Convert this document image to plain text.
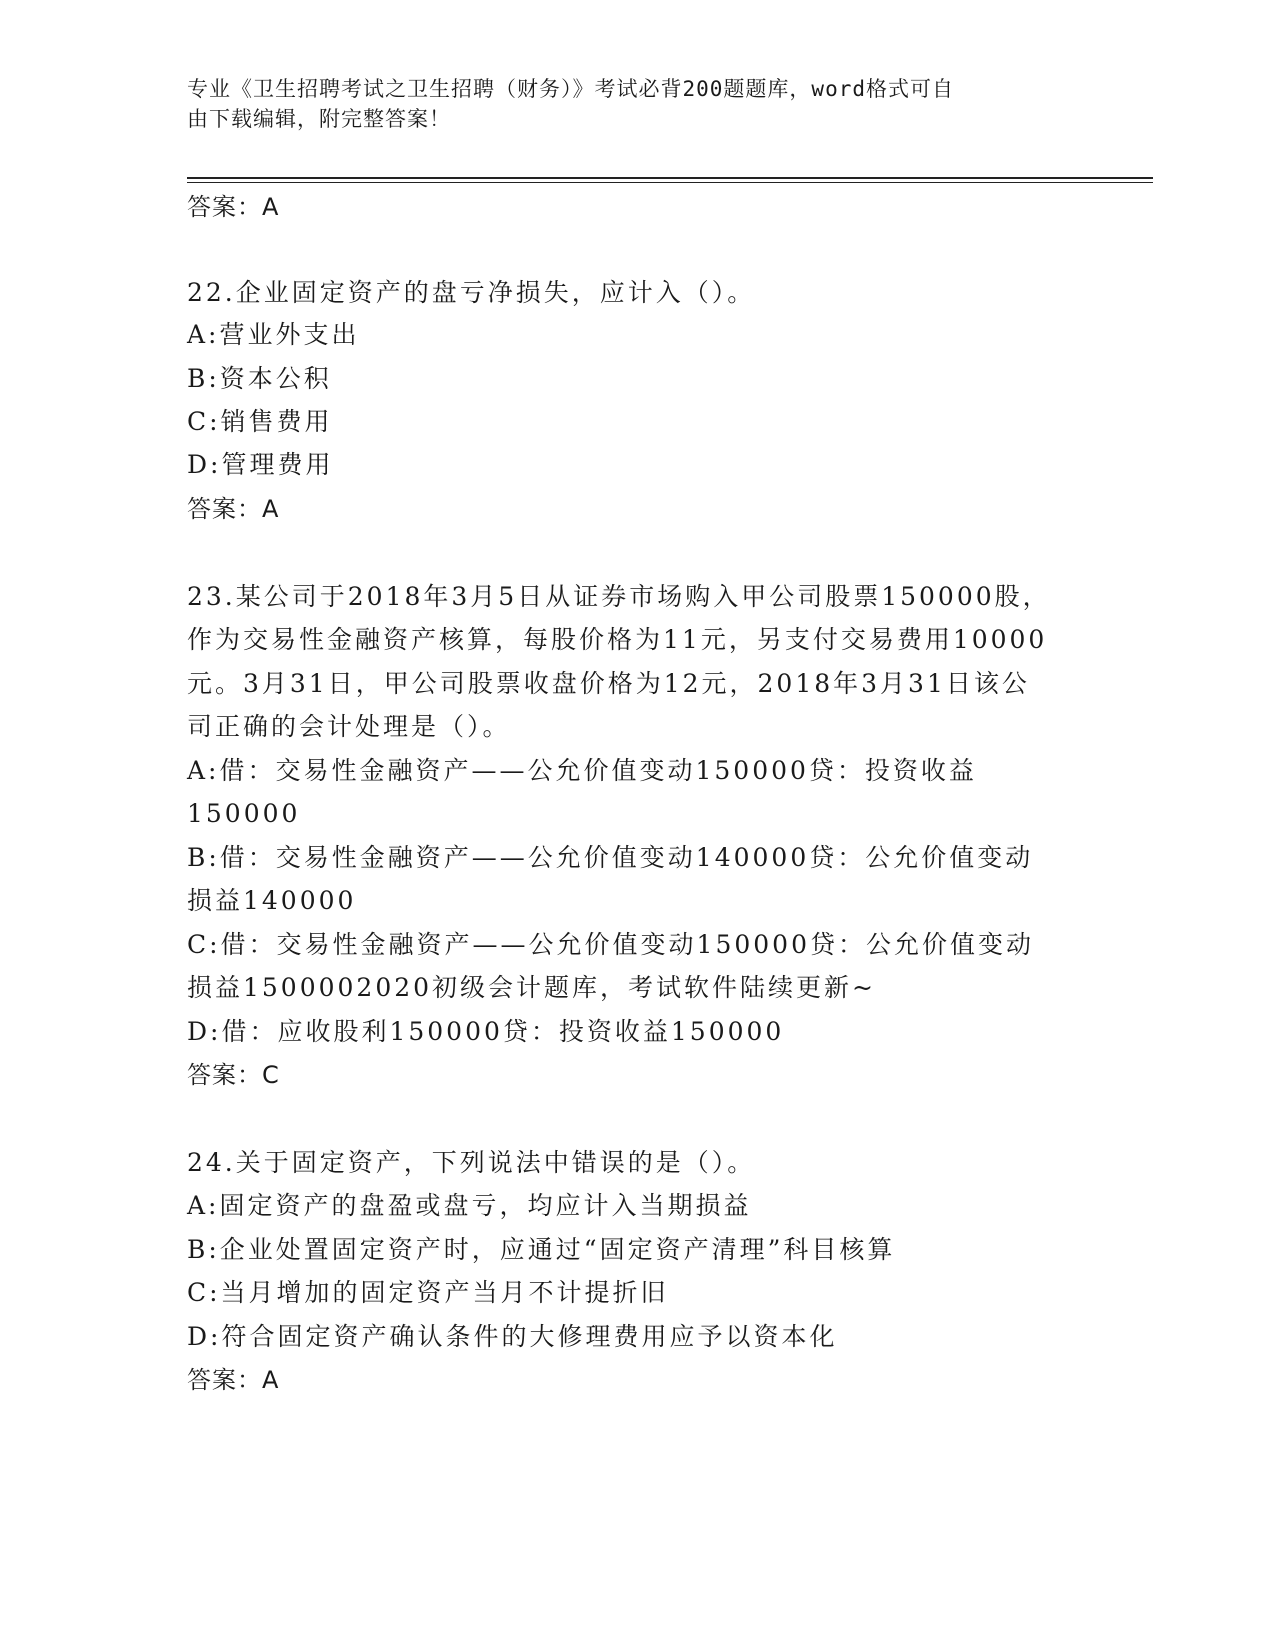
专业《卫生招聘考试之卫生招聘（财务）》考试必背200题题库，word格式可自
由下载编辑，附完整答案！
答案：A
22.企业固定资产的盘亏净损失，应计入（）。
A:营业外支出
B:资本公积
C:销售费用
D:管理费用
答案：A
23.某公司于2018年3月5日从证券市场购入甲公司股票150000股，
作为交易性金融资产核算，每股价格为11元，另支付交易费用10000
元。3月31日，甲公司股票收盘价格为12元，2018年3月31日该公
司正确的会计处理是（）。
A:借：交易性金融资产——公允价值变动150000贷：投资收益
150000
B:借：交易性金融资产——公允价值变动140000贷：公允价值变动
损益140000
C:借：交易性金融资产——公允价值变动150000贷：公允价值变动
损益1500002020初级会计题库，考试软件陆续更新~
D:借：应收股利150000贷：投资收益150000
答案：C
24.关于固定资产，下列说法中错误的是（）。
A:固定资产的盘盈或盘亏，均应计入当期损益
B:企业处置固定资产时，应通过“固定资产清理”科目核算
C:当月增加的固定资产当月不计提折旧
D:符合固定资产确认条件的大修理费用应予以资本化
答案：A
